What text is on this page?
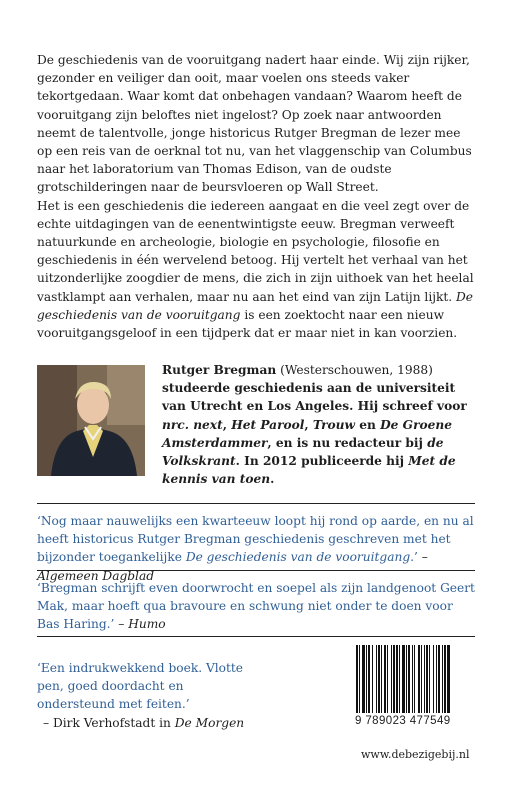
De geschiedenis van de vooruitgang nadert haar einde. Wij zijn rijker, gezonder en veiliger dan ooit, maar voelen ons steeds vaker tekortgedaan. Waar komt dat onbehagen vandaan? Waarom heeft de vooruitgang zijn beloftes niet ingelost? Op zoek naar antwoorden neemt de talentvolle, jonge historicus Rutger Bregman de lezer mee op een reis van de oerknal tot nu, van het vlaggenschip van Columbus naar het laboratorium van Thomas Edison, van de oudste grotschilderingen naar de beursvloeren op Wall Street.

Het is een geschiedenis die iedereen aangaat en die veel zegt over de echte uitdagingen van de eenentwintigste eeuw. Bregman verweeft natuurkunde en archeologie, biologie en psychologie, filosofie en geschiedenis in één wervelend betoog. Hij vertelt het verhaal van het uitzonderlijke zoogdier de mens, die zich in zijn uithoek van het heelal vastklampt aan verhalen, maar nu aan het eind van zijn Latijn lijkt. De geschiedenis van de vooruitgang is een zoektocht naar een nieuw vooruitgangsgeloof in een tijdperk dat er maar niet in kan voorzien.

Rutger Bregman (Westerschouwen, 1988) studeerde geschiedenis aan de universiteit van Utrecht en Los Angeles. Hij schreef voor nrc. next, Het Parool, Trouw en De Groene Amsterdammer, en is nu redacteur bij de Volkskrant. In 2012 publiceerde hij Met de kennis van toen.

‘Nog maar nauwelijks een kwarteeuw loopt hij rond op aarde, en nu al heeft historicus Rutger Bregman geschiedenis geschreven met het bijzonder toegankelijke De geschiedenis van de vooruitgang.’ – Algemeen Dagblad

‘Bregman schrijft even doorwrocht en soepel als zijn landgenoot Geert Mak, maar hoeft qua bravoure en schwung niet onder te doen voor Bas Haring.’ – Humo

‘Een indrukwekkend boek. Vlotte pen, goed doordacht en ondersteund met feiten.’
– Dirk Verhofstadt in De Morgen	9 789023 477549

www.debezigebij.nl
